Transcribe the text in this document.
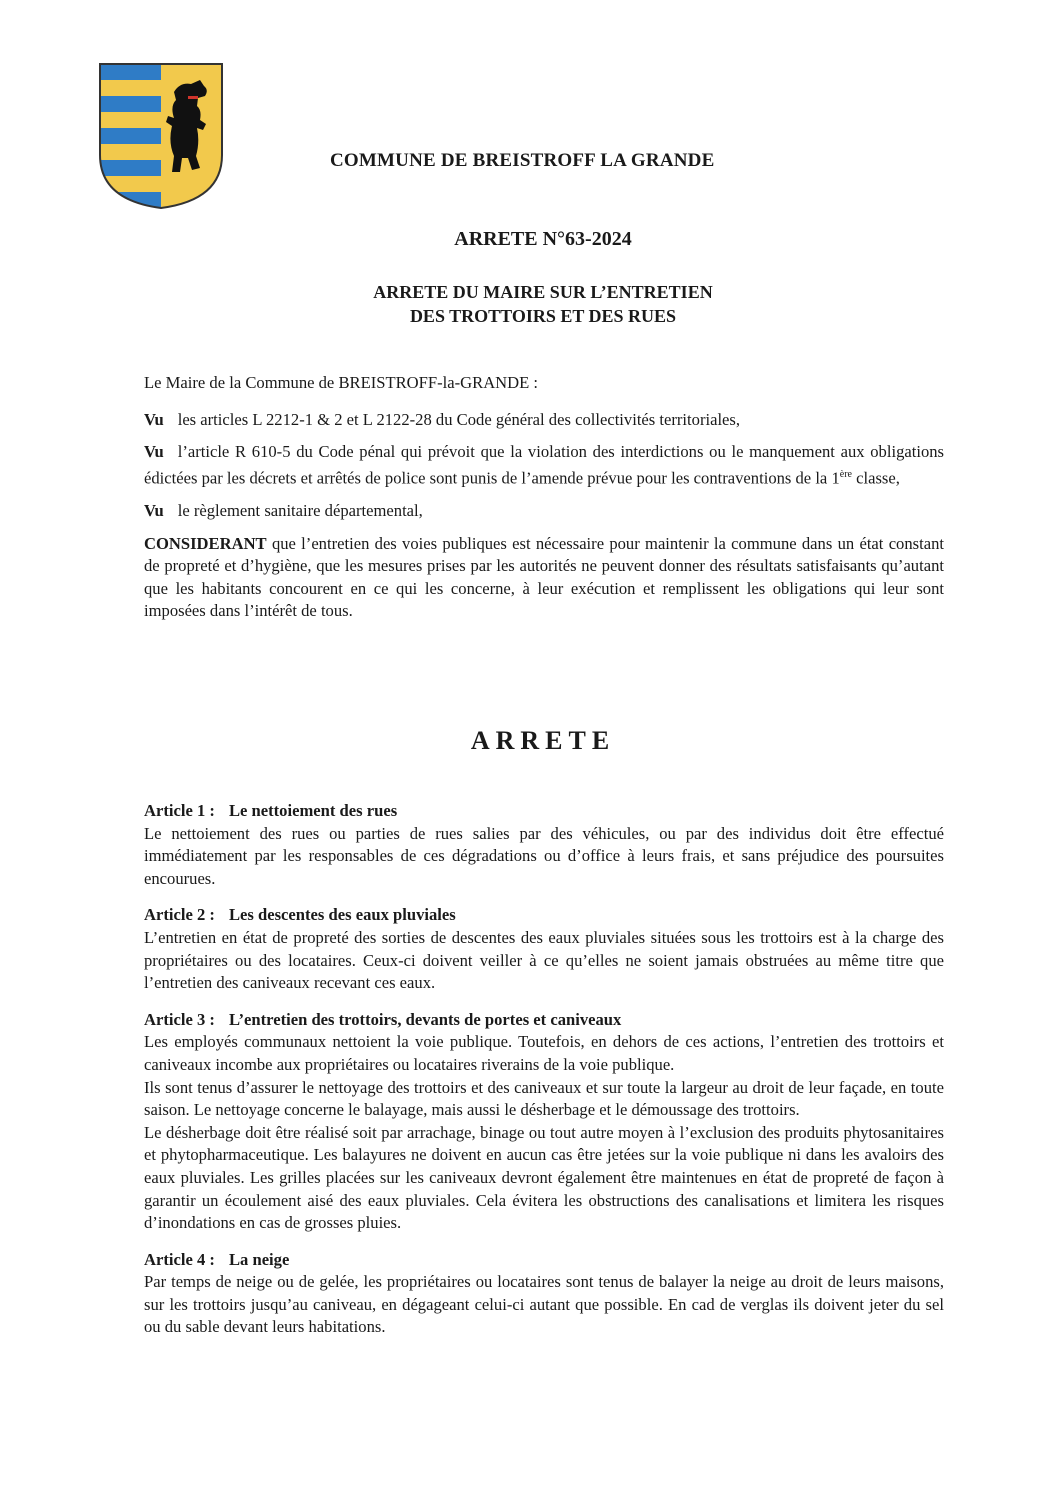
COMMUNE DE BREISTROFF LA GRANDE
ARRETE N°63-2024
ARRETE DU MAIRE SUR L’ENTRETIEN
DES TROTTOIRS ET DES RUES

Le Maire de la Commune de BREISTROFF-la-GRANDE :

Vu les articles L 2212-1 & 2 et L 2122-28 du Code général des collectivités territoriales,

Vu l’article R 610-5 du Code pénal qui prévoit que la violation des interdictions ou le manquement aux obligations édictées par les décrets et arrêtés de police sont punis de l’amende prévue pour les contraventions de la 1ère classe,

Vu le règlement sanitaire départemental,

CONSIDERANT que l’entretien des voies publiques est nécessaire pour maintenir la commune dans un état constant de propreté et d’hygiène, que les mesures prises par les autorités ne peuvent donner des résultats satisfaisants qu’autant que les habitants concourent en ce qui les concerne, à leur exécution et remplissent les obligations qui leur sont imposées dans l’intérêt de tous.

ARRETE
Article 1 : Le nettoiement des rues

Le nettoiement des rues ou parties de rues salies par des véhicules, ou par des individus doit être effectué immédiatement par les responsables de ces dégradations ou d’office à leurs frais, et sans préjudice des poursuites encourues.

Article 2 : Les descentes des eaux pluviales

L’entretien en état de propreté des sorties de descentes des eaux pluviales situées sous les trottoirs est à la charge des propriétaires ou des locataires. Ceux-ci doivent veiller à ce qu’elles ne soient jamais obstruées au même titre que l’entretien des caniveaux recevant ces eaux.

Article 3 : L’entretien des trottoirs, devants de portes et caniveaux

Les employés communaux nettoient la voie publique. Toutefois, en dehors de ces actions, l’entretien des trottoirs et caniveaux incombe aux propriétaires ou locataires riverains de la voie publique.

Ils sont tenus d’assurer le nettoyage des trottoirs et des caniveaux et sur toute la largeur au droit de leur façade, en toute saison. Le nettoyage concerne le balayage, mais aussi le désherbage et le démoussage des trottoirs.

Le désherbage doit être réalisé soit par arrachage, binage ou tout autre moyen à l’exclusion des produits phytosanitaires et phytopharmaceutique. Les balayures ne doivent en aucun cas être jetées sur la voie publique ni dans les avaloirs des eaux pluviales. Les grilles placées sur les caniveaux devront également être maintenues en état de propreté de façon à garantir un écoulement aisé des eaux pluviales. Cela évitera les obstructions des canalisations et limitera les risques d’inondations en cas de grosses pluies.

Article 4 : La neige

Par temps de neige ou de gelée, les propriétaires ou locataires sont tenus de balayer la neige au droit de leurs maisons, sur les trottoirs jusqu’au caniveau, en dégageant celui-ci autant que possible. En cad de verglas ils doivent jeter du sel ou du sable devant leurs habitations.
